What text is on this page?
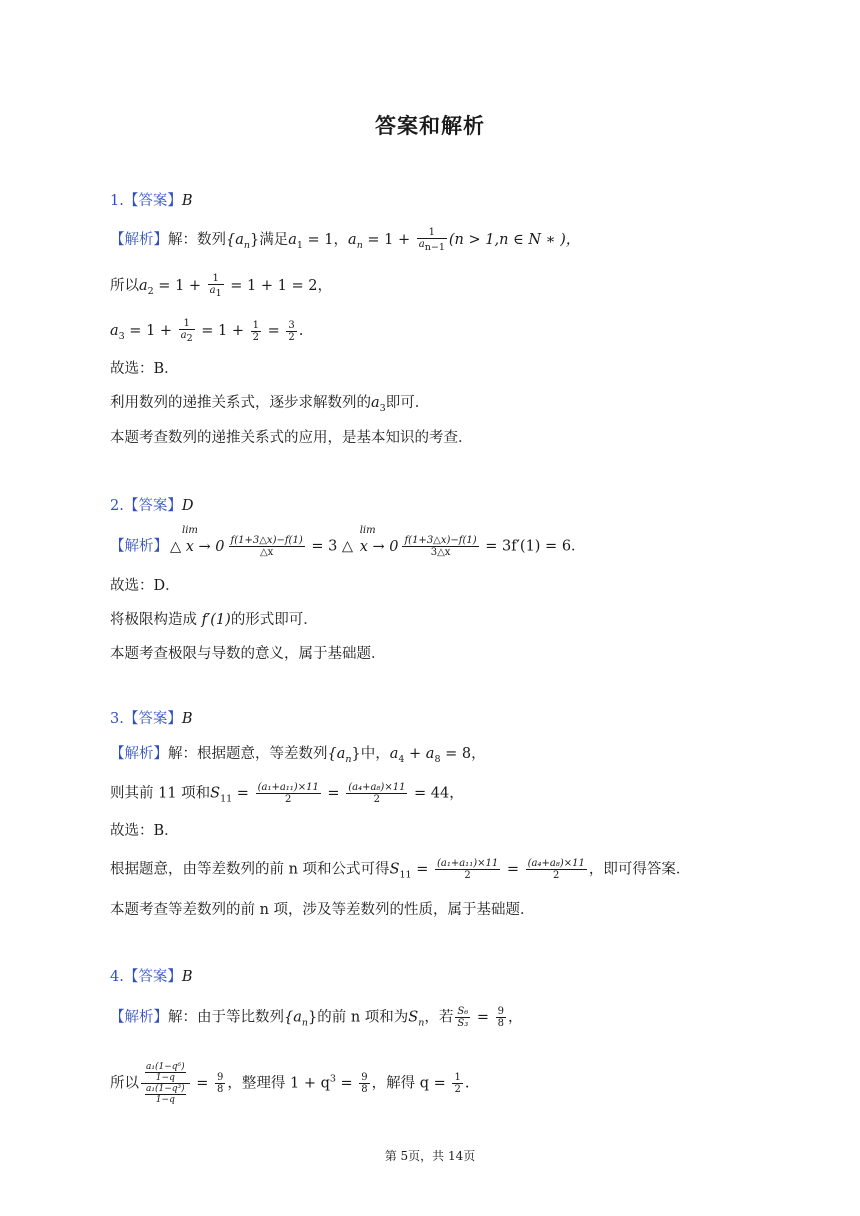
答案和解析
1.【答案】B
【解析】解：数列$\{a_n\}$满足$a_1 = 1$，$a_n = 1 + \frac{1}{a_{n-1}} (n > 1,n$ ∈ N ∗ )，
所以$a_2 = 1 + \frac{1}{a_1} = 1 + 1 = 2$，
$a_3 = 1 + \frac{1}{a_2} = 1 + \frac{1}{2} = \frac{3}{2}$ .
故选：B．
利用数列的递推关系式，逐步求解数列的$a_3$即可．
本题考查数列的递推关系式的应用，是基本知识的考查．
2.【答案】D
【解析】
lim
△ $x \to 0 \frac{f(1+3\triangle x)-f(1)}{\triangle x} = 3$ △
lim
$x \to 0 \frac{f(1+3\triangle x)-f(1)}{3\triangle x} = 3f'(1) = 6$．
故选：D．
将极限构造成 f′(1)的形式即可．
本题考查极限与导数的意义，属于基础题．
3.【答案】B
【解析】解：根据题意，等差数列$\{a_n\}$中，$a_4 + a_8 = 8$，
则其前 11 项和$S_{11} = \frac{\text{(a₁+a₁₁)×11}}{2} = \frac{\text{(a₄+a₈)×11}}{2} = 44$，
故选：B．
根据题意，由等差数列的前 n 项和公式可得$S_{11} = \frac{\text{(a₁+a₁₁)×11}}{2} = \frac{\text{(a₄+a₈)×11}}{2}$ ，即可得答案．
本题考查等差数列的前 n 项，涉及等差数列的性质，属于基础题．
4.【答案】B
【解析】解：由于等比数列$\{a_n\}$的前 n 项和为$S_n$，若 $\frac{\text{S₆}}{\text{S₃}} = \frac{9}{8}$ ，
所以 $\frac{\frac{\text{a₁(1−q⁶)}}{1-q}}{\frac{\text{a₁(1−q³)}}{1-q}} = \frac{9}{8}$ ，整理得 $1 + q^3 = \frac{9}{8}$ ，解得 $q = \frac{1}{2}$ .
第 5页，共 14页
